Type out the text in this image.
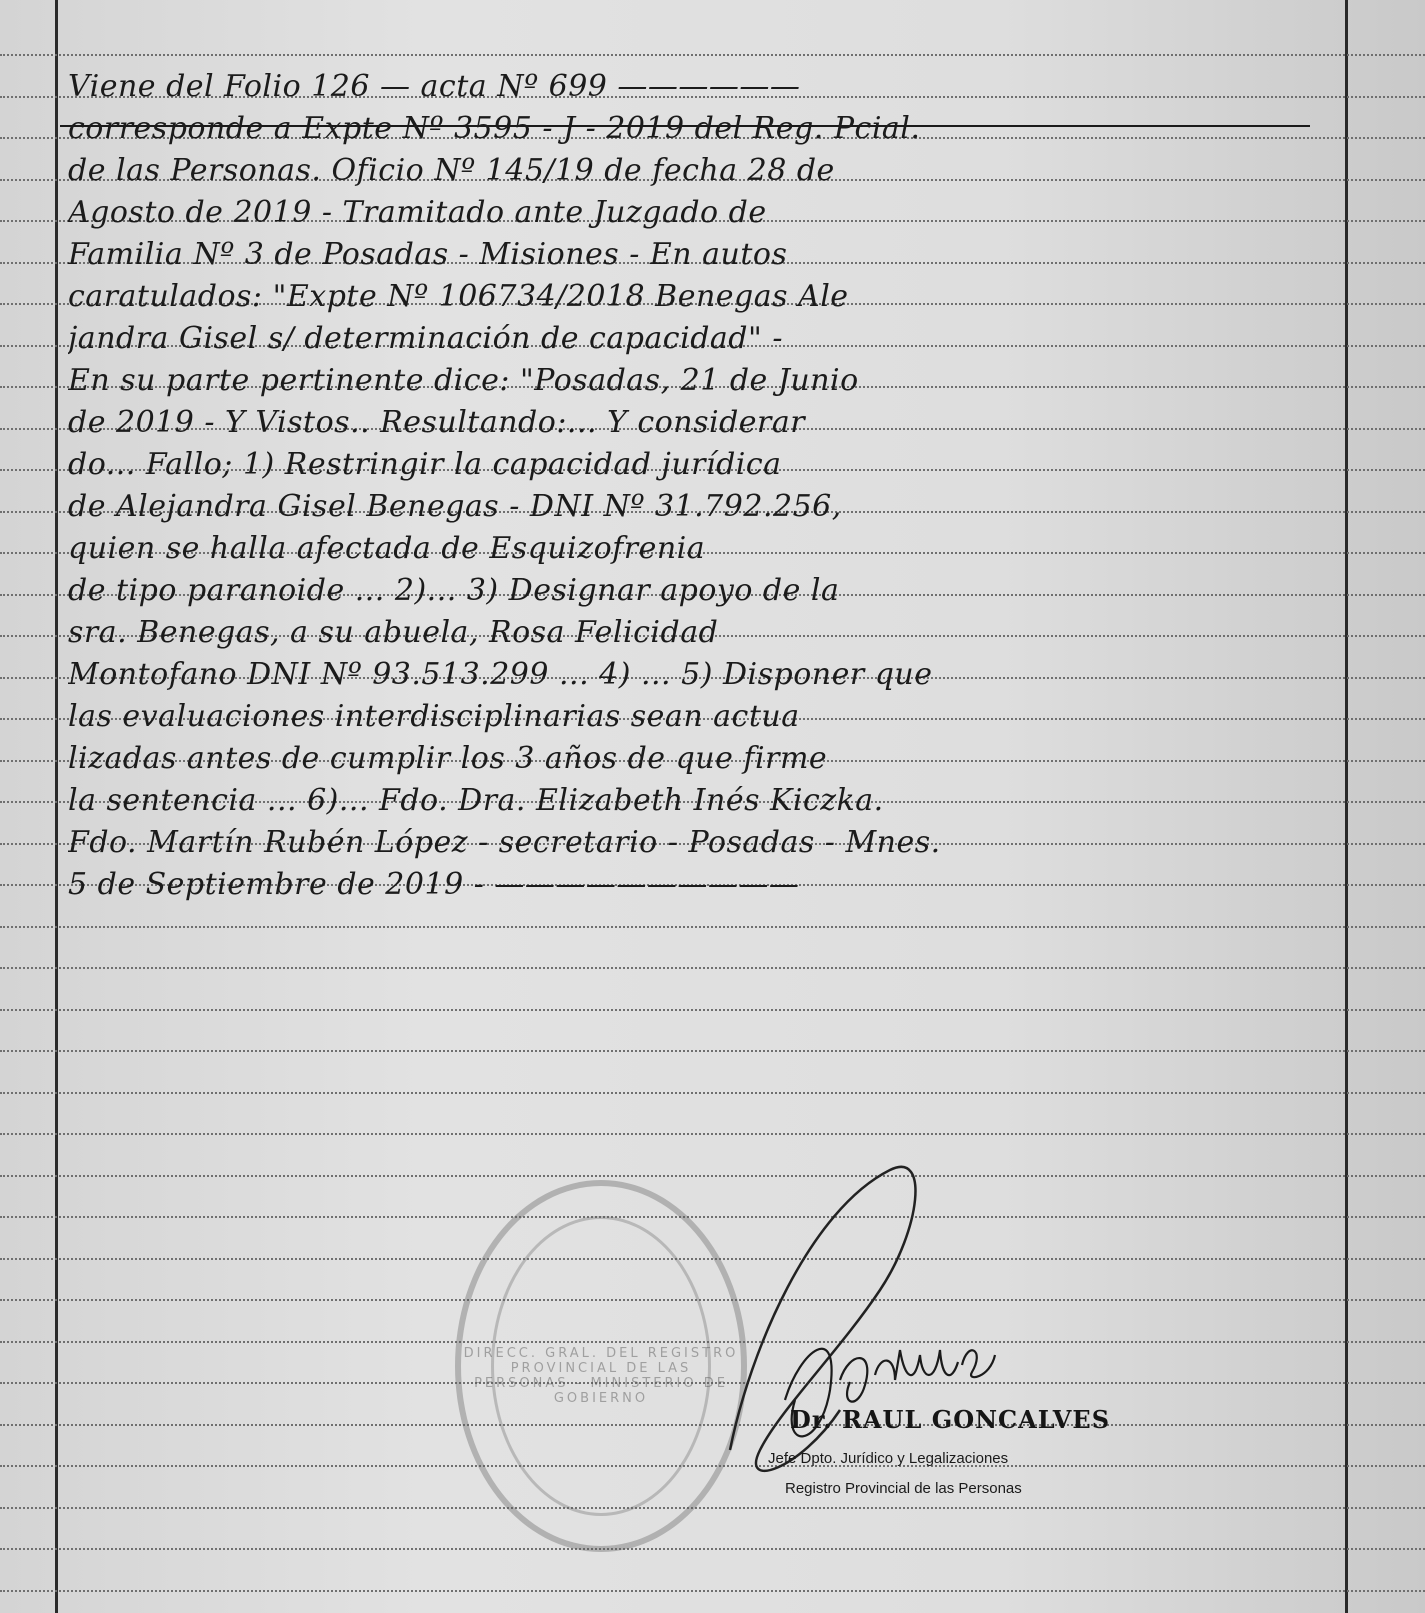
Viene del Folio 126 — acta Nº 699 ——————
corresponde a Expte Nº 3595 - J - 2019 del Reg. Pcial.
de las Personas. Oficio Nº 145/19 de fecha 28 de
Agosto de 2019 - Tramitado ante Juzgado de
Familia Nº 3 de Posadas - Misiones - En autos
caratulados: "Expte Nº 106734/2018 Benegas Ale
jandra Gisel s/ determinación de capacidad" -
En su parte pertinente dice: "Posadas, 21 de Junio
de 2019 - Y Vistos.. Resultando:... Y considerar
do... Fallo; 1) Restringir la capacidad jurídica
de Alejandra Gisel Benegas - DNI Nº 31.792.256,
quien se halla afectada de Esquizofrenia
de tipo paranoide ... 2)... 3) Designar apoyo de la
sra. Benegas, a su abuela, Rosa Felicidad
Montofano DNI Nº 93.513.299 ... 4) ... 5) Disponer que
las evaluaciones interdisciplinarias sean actua
lizadas antes de cumplir los 3 años de que firme
la sentencia ... 6)... Fdo. Dra. Elizabeth Inés Kiczka.
Fdo. Martín Rubén López - secretario - Posadas - Mnes.
5 de Septiembre de 2019 - ——————————
DIRECC. GRAL. DEL REGISTRO PROVINCIAL DE LAS PERSONAS - MINISTERIO DE GOBIERNO
Dr. RAUL GONCALVES
Jefe Dpto. Jurídico y Legalizaciones
Registro Provincial de las Personas
